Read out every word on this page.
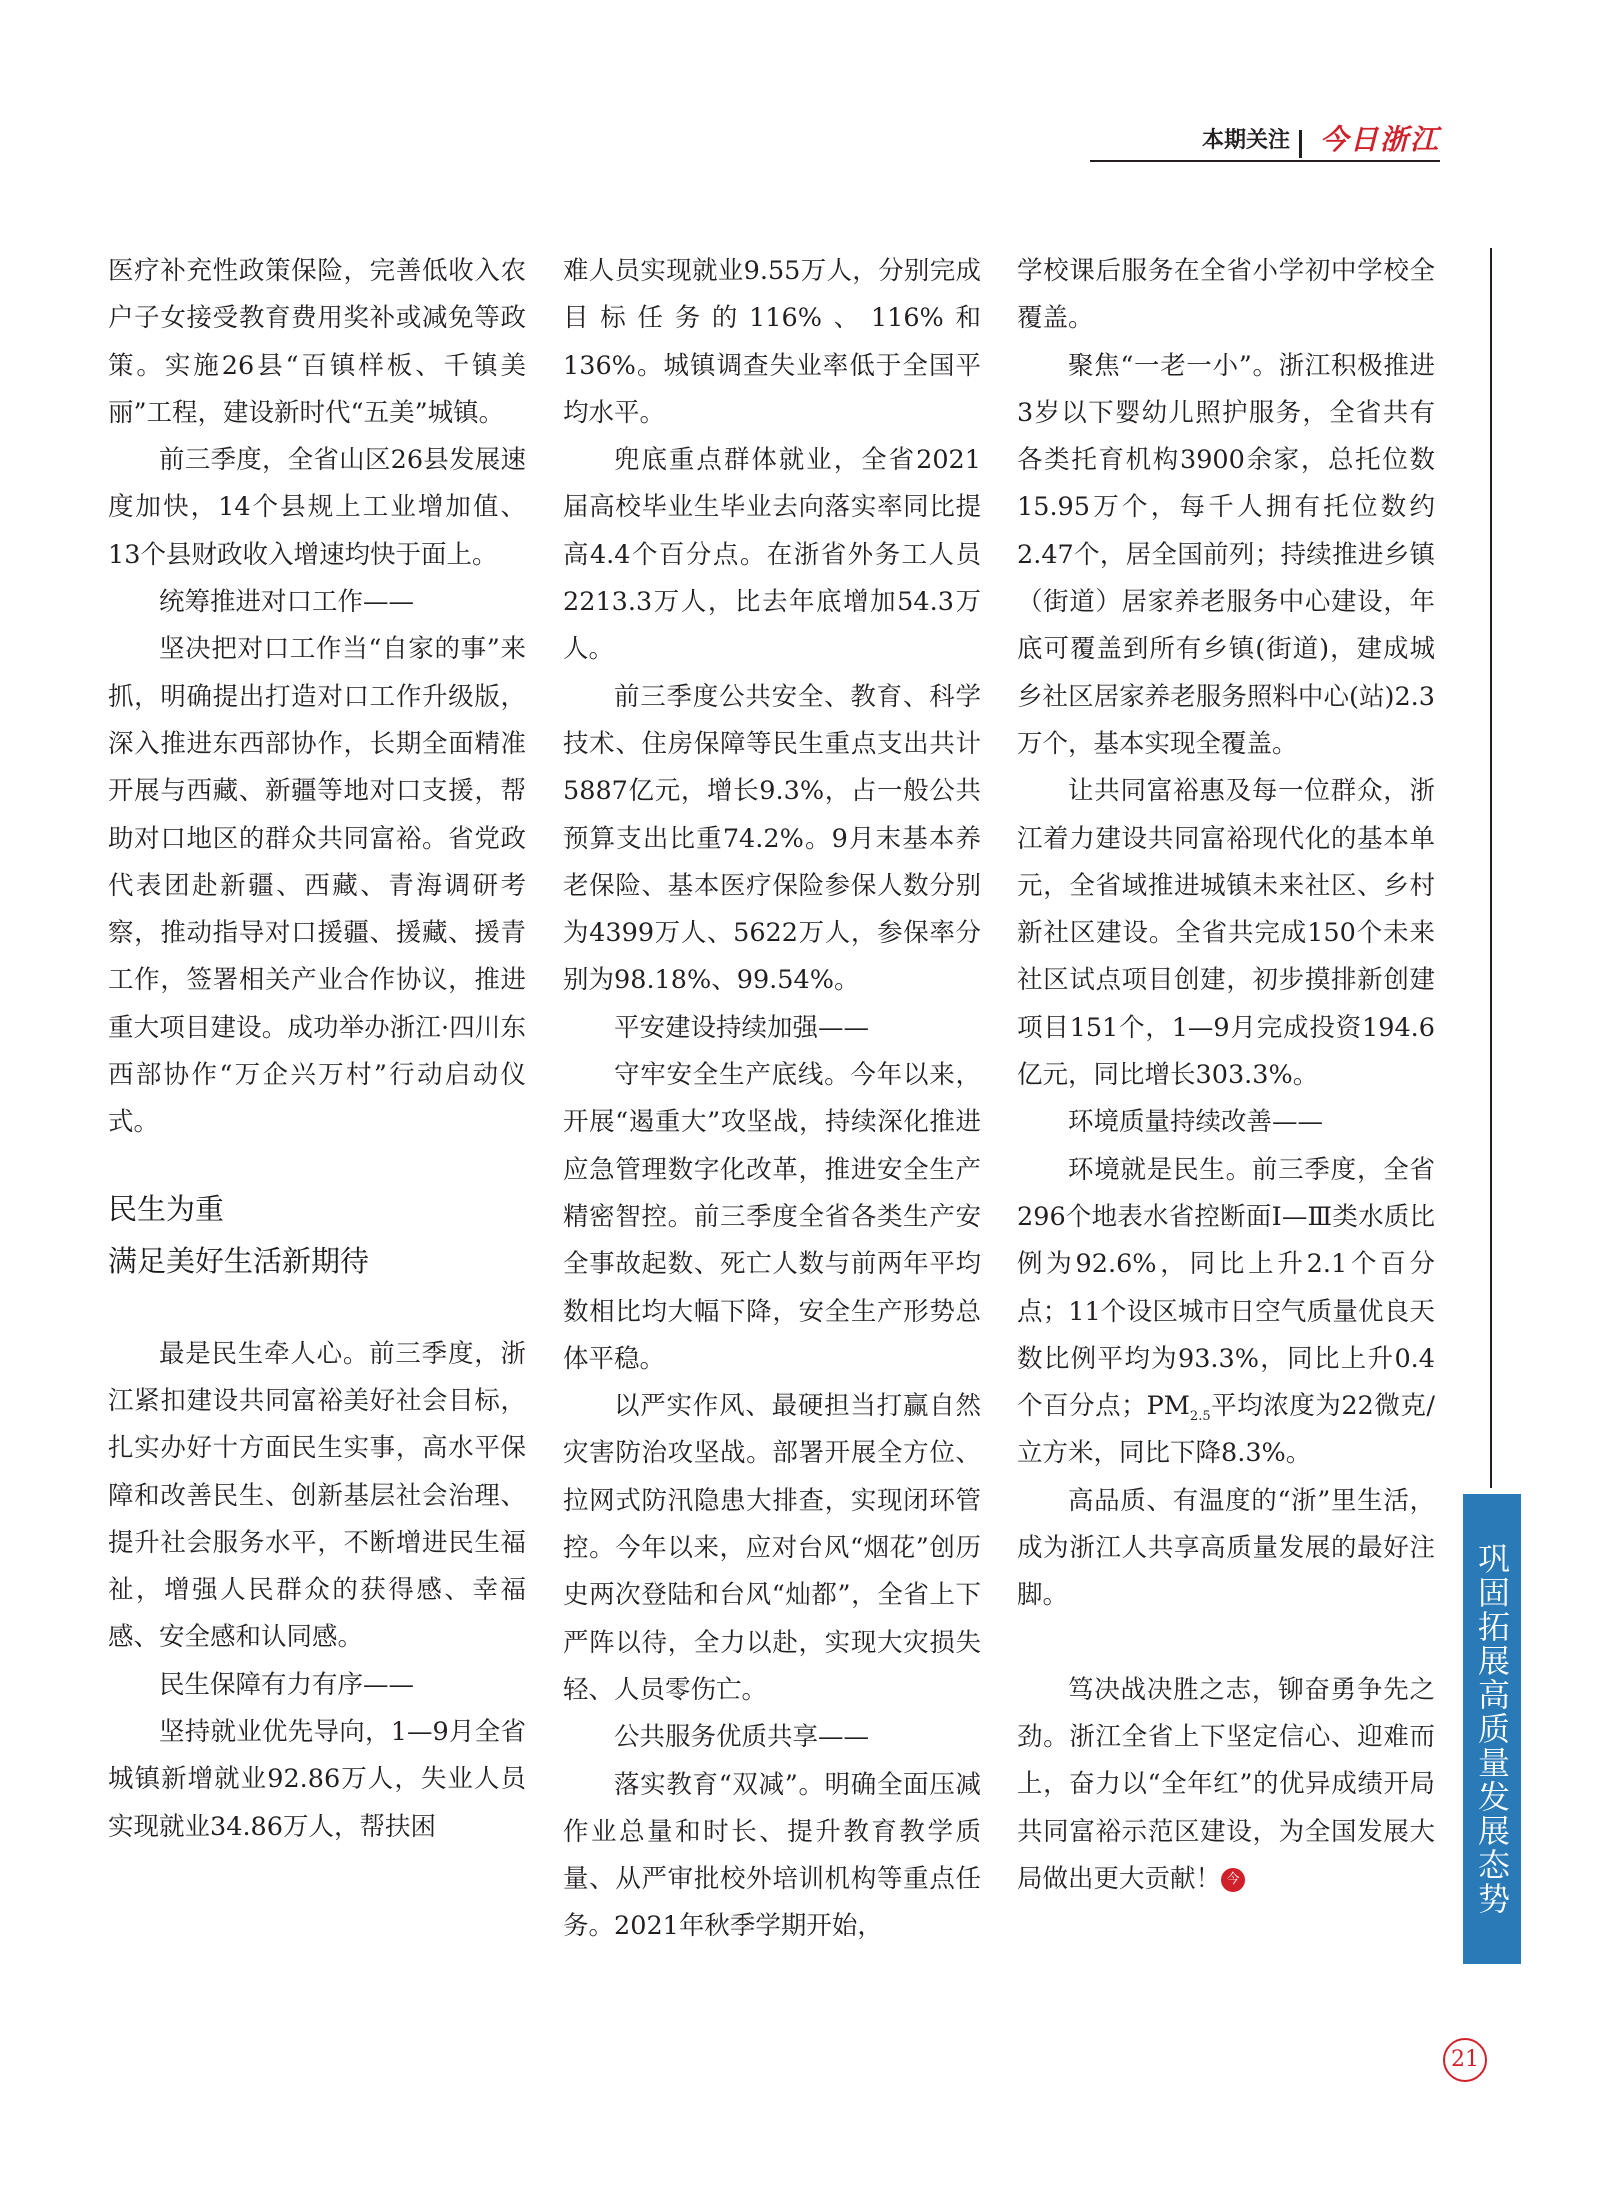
本期关注 今日浙江

医疗补充性政策保险，完善低收入农户子女接受教育费用奖补或减免等政策。实施26县“百镇样板、千镇美丽”工程，建设新时代“五美”城镇。

前三季度，全省山区26县发展速度加快，14个县规上工业增加值、13个县财政收入增速均快于面上。

统筹推进对口工作——

坚决把对口工作当“自家的事”来抓，明确提出打造对口工作升级版，深入推进东西部协作，长期全面精准开展与西藏、新疆等地对口支援，帮助对口地区的群众共同富裕。省党政代表团赴新疆、西藏、青海调研考察，推动指导对口援疆、援藏、援青工作，签署相关产业合作协议，推进重大项目建设。成功举办浙江·四川东西部协作“万企兴万村”行动启动仪式。

民生为重
满足美好生活新期待

最是民生牵人心。前三季度，浙江紧扣建设共同富裕美好社会目标，扎实办好十方面民生实事，高水平保障和改善民生、创新基层社会治理、提升社会服务水平，不断增进民生福祉，增强人民群众的获得感、幸福感、安全感和认同感。

民生保障有力有序——

坚持就业优先导向，1—9月全省城镇新增就业92.86万人，失业人员实现就业34.86万人，帮扶困

难人员实现就业9.55万人，分别完成目标任务的116%、116%和136%。城镇调查失业率低于全国平均水平。

兜底重点群体就业，全省2021届高校毕业生毕业去向落实率同比提高4.4个百分点。在浙省外务工人员2213.3万人，比去年底增加54.3万人。

前三季度公共安全、教育、科学技术、住房保障等民生重点支出共计5887亿元，增长9.3%，占一般公共预算支出比重74.2%。9月末基本养老保险、基本医疗保险参保人数分别为4399万人、5622万人，参保率分别为98.18%、99.54%。

平安建设持续加强——

守牢安全生产底线。今年以来，开展“遏重大”攻坚战，持续深化推进应急管理数字化改革，推进安全生产精密智控。前三季度全省各类生产安全事故起数、死亡人数与前两年平均数相比均大幅下降，安全生产形势总体平稳。

以严实作风、最硬担当打赢自然灾害防治攻坚战。部署开展全方位、拉网式防汛隐患大排查，实现闭环管控。今年以来，应对台风“烟花”创历史两次登陆和台风“灿都”，全省上下严阵以待，全力以赴，实现大灾损失轻、人员零伤亡。

公共服务优质共享——

落实教育“双减”。明确全面压减作业总量和时长、提升教育教学质量、从严审批校外培训机构等重点任务。2021年秋季学期开始，

学校课后服务在全省小学初中学校全覆盖。

聚焦“一老一小”。浙江积极推进3岁以下婴幼儿照护服务，全省共有各类托育机构3900余家，总托位数15.95万个，每千人拥有托位数约2.47个，居全国前列；持续推进乡镇（街道）居家养老服务中心建设，年底可覆盖到所有乡镇(街道)，建成城乡社区居家养老服务照料中心(站)2.3万个，基本实现全覆盖。

让共同富裕惠及每一位群众，浙江着力建设共同富裕现代化的基本单元，全省域推进城镇未来社区、乡村新社区建设。全省共完成150个未来社区试点项目创建，初步摸排新创建项目151个，1—9月完成投资194.6亿元，同比增长303.3%。

环境质量持续改善——

环境就是民生。前三季度，全省296个地表水省控断面Ⅰ—Ⅲ类水质比例为92.6%，同比上升2.1个百分点；11个设区城市日空气质量优良天数比例平均为93.3%，同比上升0.4个百分点；$PM_{2.5}$平均浓度为22微克/立方米，同比下降8.3%。

高品质、有温度的“浙”里生活，成为浙江人共享高质量发展的最好注脚。

笃决战决胜之志，铆奋勇争先之劲。浙江全省上下坚定信心、迎难而上，奋力以“全年红”的优异成绩开局共同富裕示范区建设，为全国发展大局做出更大贡献！ 今	巩固拓展高质量发展态势
21
